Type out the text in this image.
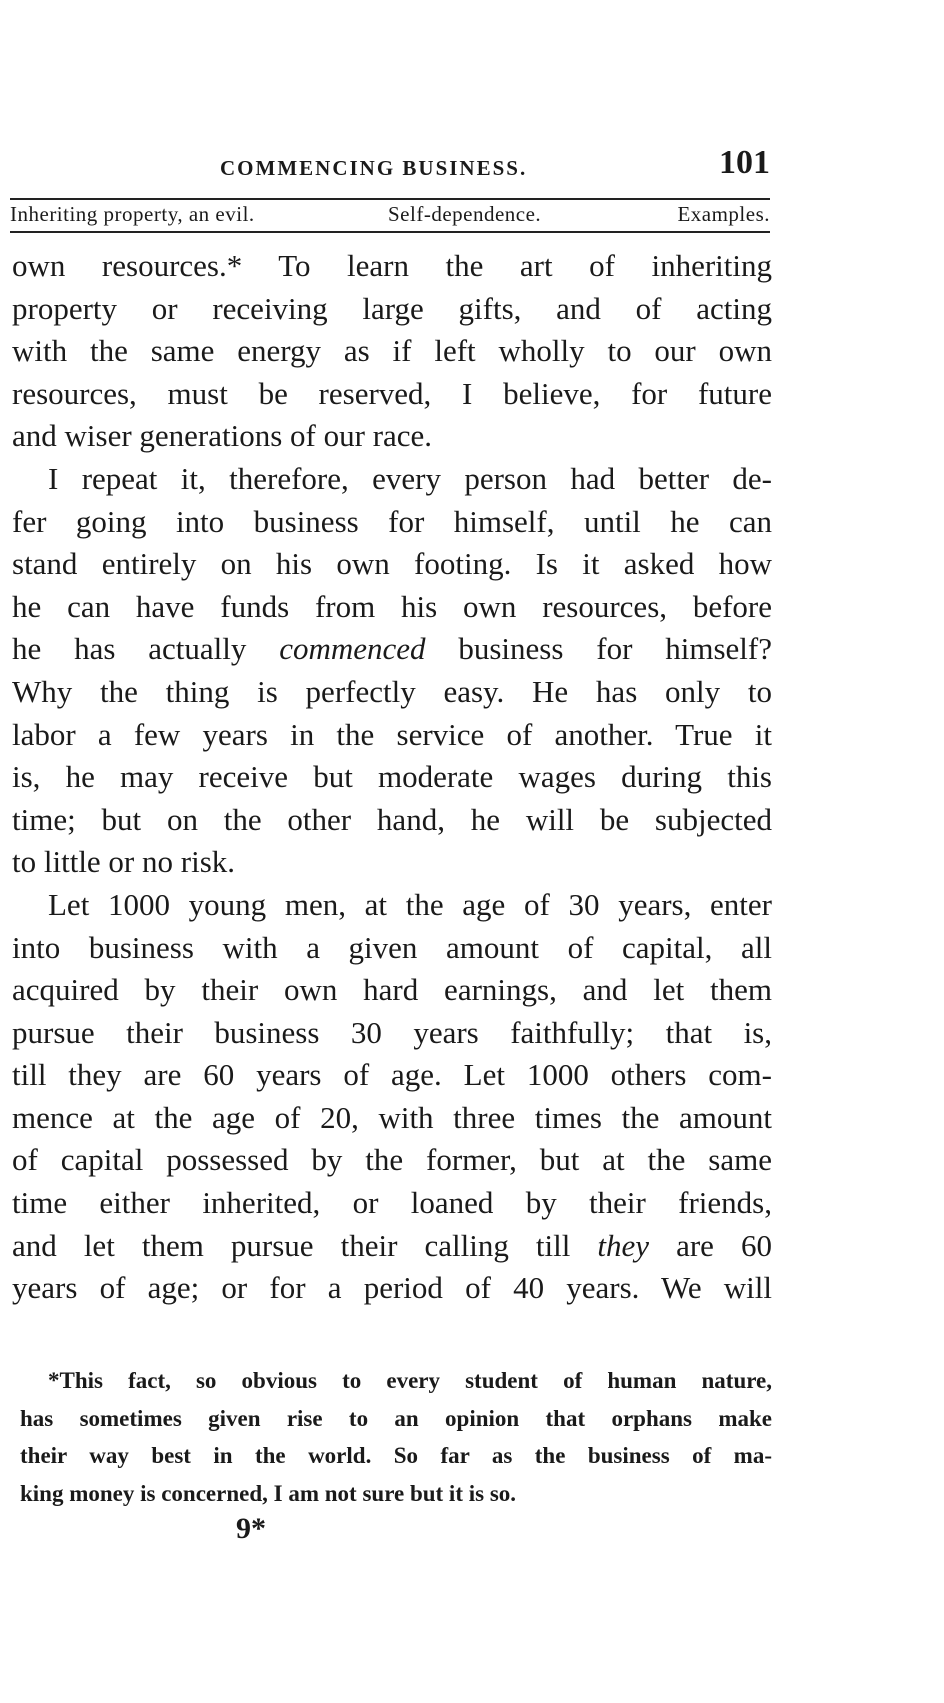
COMMENCING BUSINESS.	101
Inheriting property, an evil.	Self-dependence.	Examples.
own resources.* To learn the art of inheriting
property or receiving large gifts, and of acting
with the same energy as if left wholly to our own
resources, must be reserved, I believe, for future
and wiser generations of our race.
I repeat it, therefore, every person had better de-
fer going into business for himself, until he can
stand entirely on his own footing. Is it asked how
he can have funds from his own resources, before
he has actually commenced business for himself?
Why the thing is perfectly easy. He has only to
labor a few years in the service of another. True it
is, he may receive but moderate wages during this
time; but on the other hand, he will be subjected
to little or no risk.
Let 1000 young men, at the age of 30 years, enter
into business with a given amount of capital, all
acquired by their own hard earnings, and let them
pursue their business 30 years faithfully; that is,
till they are 60 years of age. Let 1000 others com-
mence at the age of 20, with three times the amount
of capital possessed by the former, but at the same
time either inherited, or loaned by their friends,
and let them pursue their calling till they are 60
years of age; or for a period of 40 years. We will
*This fact, so obvious to every student of human nature,
has sometimes given rise to an opinion that orphans make
their way best in the world. So far as the business of ma-
king money is concerned, I am not sure but it is so.
9*
